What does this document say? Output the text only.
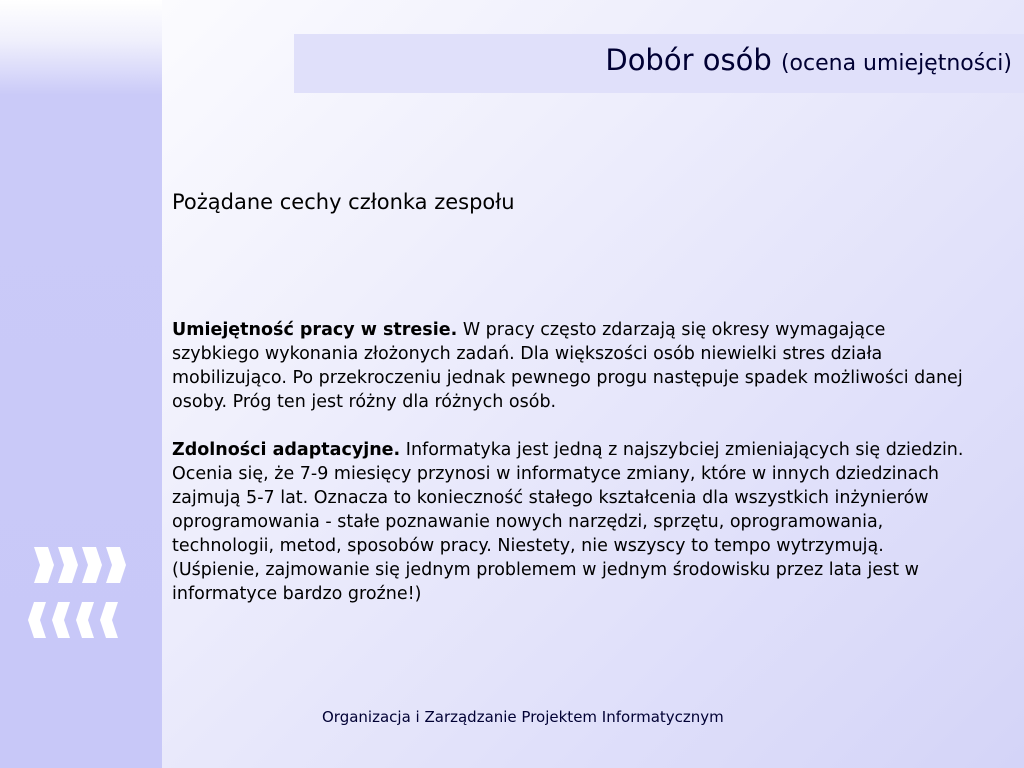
Dobór osób (ocena umiejętności)
Pożądane cechy członka zespołu

Umiejętność pracy w stresie. W pracy często zdarzają się okresy wymagające szybkiego wykonania złożonych zadań. Dla większości osób niewielki stres działa mobilizująco. Po przekroczeniu jednak pewnego progu następuje spadek możliwości danej osoby. Próg ten jest różny dla różnych osób.

Zdolności adaptacyjne. Informatyka jest jedną z najszybciej zmieniających się dziedzin. Ocenia się, że 7-9 miesięcy przynosi w informatyce zmiany, które w innych dziedzinach zajmują 5-7 lat. Oznacza to konieczność stałego kształcenia dla wszystkich inżynierów oprogramowania - stałe poznawanie nowych narzędzi, sprzętu, oprogramowania, technologii, metod, sposobów pracy. Niestety, nie wszyscy to tempo wytrzymują. (Uśpienie, zajmowanie się jednym problemem w jednym środowisku przez lata jest w informatyce bardzo groźne!)

Organizacja i Zarządzanie Projektem Informatycznym
